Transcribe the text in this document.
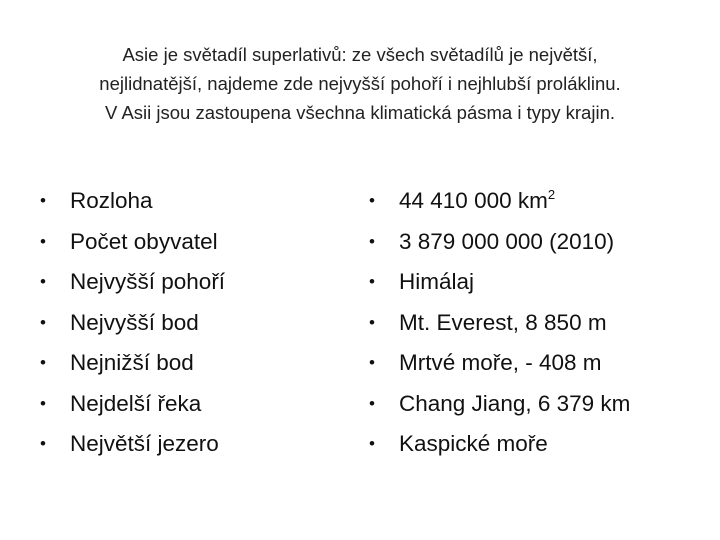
Asie je světadíl superlativů: ze všech světadílů je největší,
nejlidnatější, najdeme zde nejvyšší pohoří i nejhlubší proláklinu.
V Asii jsou zastoupena všechna klimatická pásma i typy krajin.
• Rozloha
• Počet obyvatel
• Nejvyšší pohoří
• Nejvyšší bod
• Nejnižší bod
• Nejdelší řeka
• Největší jezero
• 44 410 000 $km^2$
• 3 879 000 000 (2010)
• Himálaj
• Mt. Everest, 8 850 m
• Mrtvé moře, - 408 m
• Chang Jiang, 6 379 km
• Kaspické moře
